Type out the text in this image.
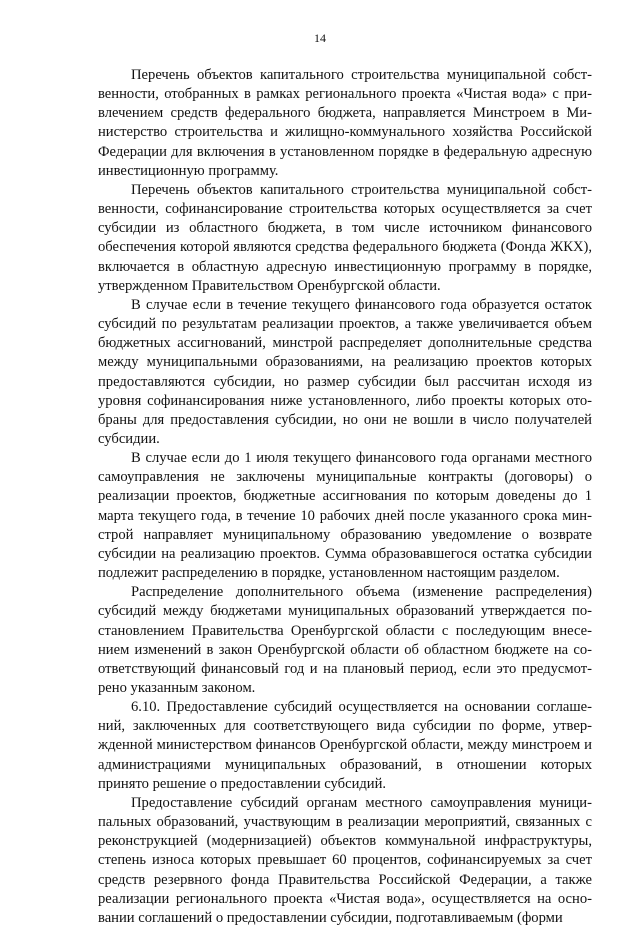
14

Перечень объектов капитального строительства муниципальной собственности, отобранных в рамках регионального проекта «Чистая вода» с привлечением средств федерального бюджета, направляется Минстроем в Министерство строительства и жилищно-коммунального хозяйства Российской Федерации для включения в установленном порядке в федеральную адресную инвестиционную программу.

Перечень объектов капитального строительства муниципальной собственности, софинансирование строительства которых осуществляется за счет субсидии из областного бюджета, в том числе источником финансового обеспечения которой являются средства федерального бюджета (Фонда ЖКХ), включается в областную адресную инвестиционную программу в порядке, утвержденном Правительством Оренбургской области.

В случае если в течение текущего финансового года образуется остаток субсидий по результатам реализации проектов, а также увеличивается объем бюджетных ассигнований, минстрой распределяет дополнительные средства между муниципальными образованиями, на реализацию проектов которых предоставляются субсидии, но размер субсидии был рассчитан исходя из уровня софинансирования ниже установленного, либо проекты которых отобраны для предоставления субсидии, но они не вошли в число получателей субсидии.

В случае если до 1 июля текущего финансового года органами местного самоуправления не заключены муниципальные контракты (договоры) о реализации проектов, бюджетные ассигнования по которым доведены до 1 марта текущего года, в течение 10 рабочих дней после указанного срока минстрой направляет муниципальному образованию уведомление о возврате субсидии на реализацию проектов. Сумма образовавшегося остатка субсидии подлежит распределению в порядке, установленном настоящим разделом.

Распределение дополнительного объема (изменение распределения) субсидий между бюджетами муниципальных образований утверждается постановлением Правительства Оренбургской области с последующим внесением изменений в закон Оренбургской области об областном бюджете на соответствующий финансовый год и на плановый период, если это предусмотрено указанным законом.

6.10. Предоставление субсидий осуществляется на основании соглашений, заключенных для соответствующего вида субсидии по форме, утвержденной министерством финансов Оренбургской области, между минстроем и администрациями муниципальных образований, в отношении которых принято решение о предоставлении субсидий.

Предоставление субсидий органам местного самоуправления муниципальных образований, участвующим в реализации мероприятий, связанных с реконструкцией (модернизацией) объектов коммунальной инфраструктуры, степень износа которых превышает 60 процентов, софинансируемых за счет средств резервного фонда Правительства Российской Федерации, а также реализации регионального проекта «Чистая вода», осуществляется на основании соглашений о предоставлении субсидии, подготавливаемым (форми
